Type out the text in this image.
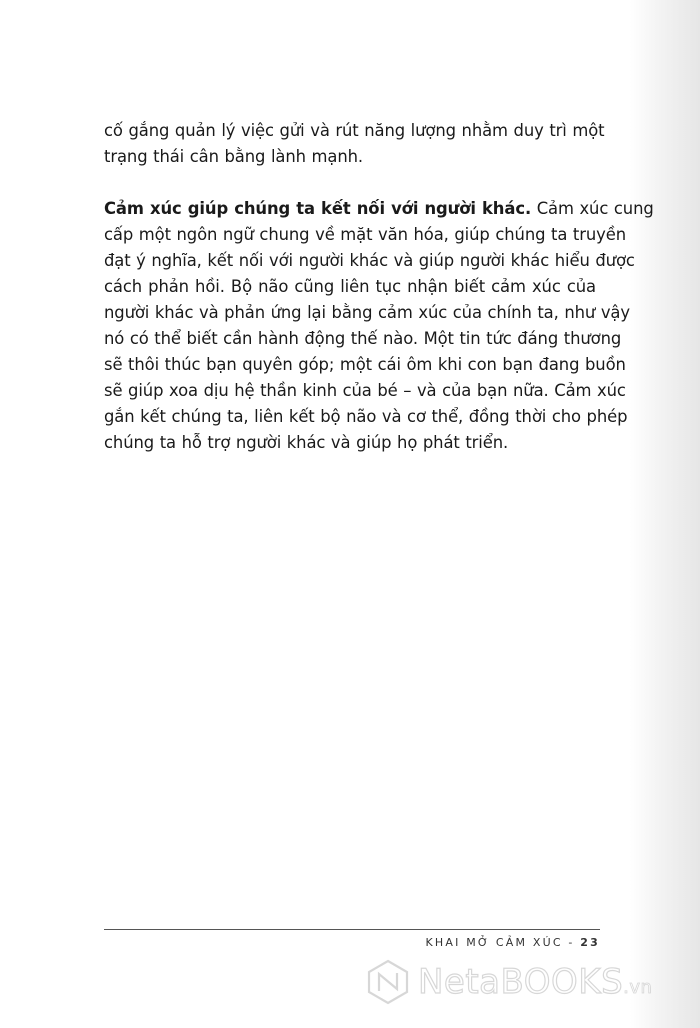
cố gắng quản lý việc gửi và rút năng lượng nhằm duy trì một
trạng thái cân bằng lành mạnh.
Cảm xúc giúp chúng ta kết nối với người khác. Cảm xúc cung
cấp một ngôn ngữ chung về mặt văn hóa, giúp chúng ta truyền
đạt ý nghĩa, kết nối với người khác và giúp người khác hiểu được
cách phản hồi. Bộ não cũng liên tục nhận biết cảm xúc của
người khác và phản ứng lại bằng cảm xúc của chính ta, như vậy
nó có thể biết cần hành động thế nào. Một tin tức đáng thương
sẽ thôi thúc bạn quyên góp; một cái ôm khi con bạn đang buồn
sẽ giúp xoa dịu hệ thần kinh của bé – và của bạn nữa. Cảm xúc
gắn kết chúng ta, liên kết bộ não và cơ thể, đồng thời cho phép
chúng ta hỗ trợ người khác và giúp họ phát triển.
KHAI MỞ CẢM XÚC - 23
NetaBOOKS.vn
